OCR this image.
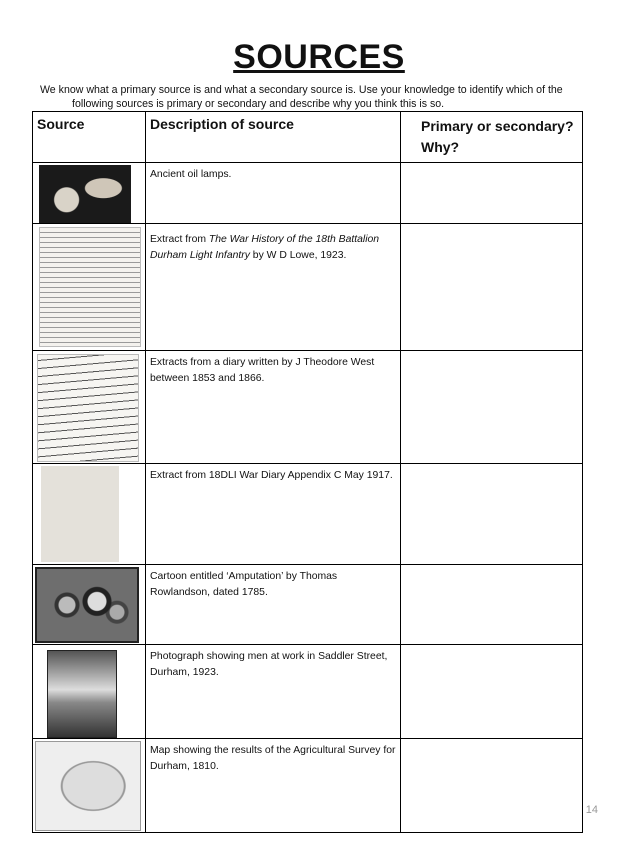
SOURCES
We know what a primary source is and what a secondary source is. Use your knowledge to identify which of the
following sources is primary or secondary and describe why you think this is so.
Source	Description of source	Primary or secondary?
Why?

	Ancient oil lamps.	

	Extract from The War History of the 18th Battalion Durham Light Infantry by W D Lowe, 1923.	

	Extracts from a diary written by J Theodore West between 1853 and 1866.	

	Extract from 18DLI War Diary Appendix C May 1917.	

	Cartoon entitled ‘Amputation’ by Thomas Rowlandson, dated 1785.	

	Photograph showing men at work in Saddler Street, Durham, 1923.	

	Map showing the results of the Agricultural Survey for Durham, 1810.	

14
